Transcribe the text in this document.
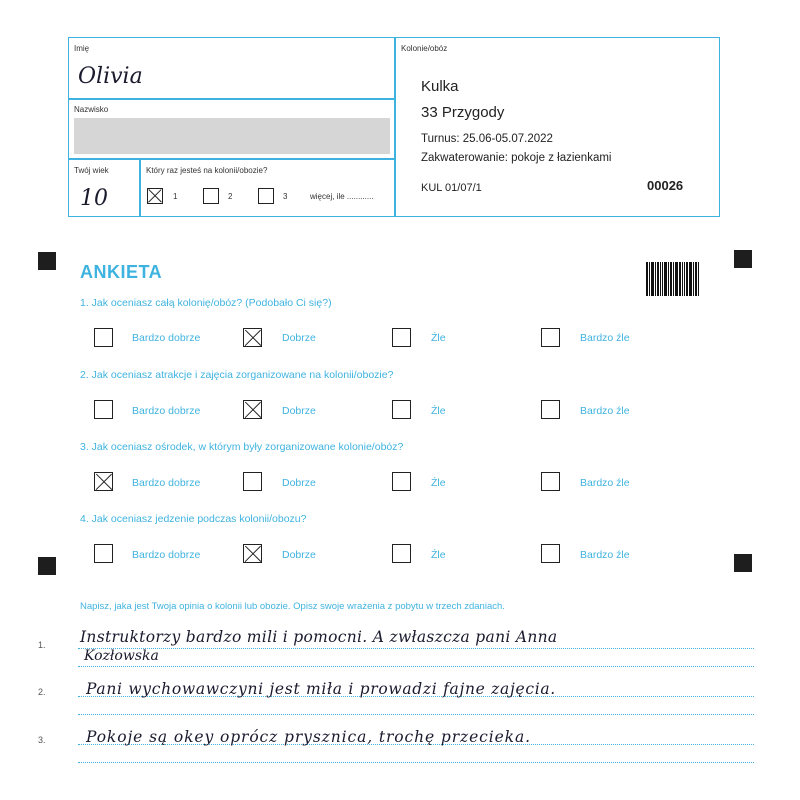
Imię
Olivia
Nazwisko
Twój wiek
10
Który raz jesteś na kolonii/obozie?
1	2	3	więcej, ile ............
Kolonie/obóz
Kulka
33 Przygody
Turnus: 25.06-05.07.2022
Zakwaterowanie: pokoje z łazienkami
KUL 01/07/1	00026
ANKIETA
1. Jak oceniasz całą kolonię/obóz? (Podobało Ci się?)
Bardzo dobrze	Dobrze	Źle	Bardzo źle
2. Jak oceniasz atrakcje i zajęcia zorganizowane na kolonii/obozie?
Bardzo dobrze	Dobrze	Źle	Bardzo źle
3. Jak oceniasz ośrodek, w którym były zorganizowane kolonie/obóz?
Bardzo dobrze	Dobrze	Źle	Bardzo źle
4. Jak oceniasz jedzenie podczas kolonii/obozu?
Bardzo dobrze	Dobrze	Źle	Bardzo źle
Napisz, jaka jest Twoja opinia o kolonii lub obozie. Opisz swoje wrażenia z pobytu w trzech zdaniach.
1.
2.
3.
Instruktorzy bardzo mili i pomocni. A zwłaszcza pani Anna
Kozłowska
Pani wychowawczyni jest miła i prowadzi fajne zajęcia.
Pokoje są okey oprócz prysznica, trochę przecieka.
